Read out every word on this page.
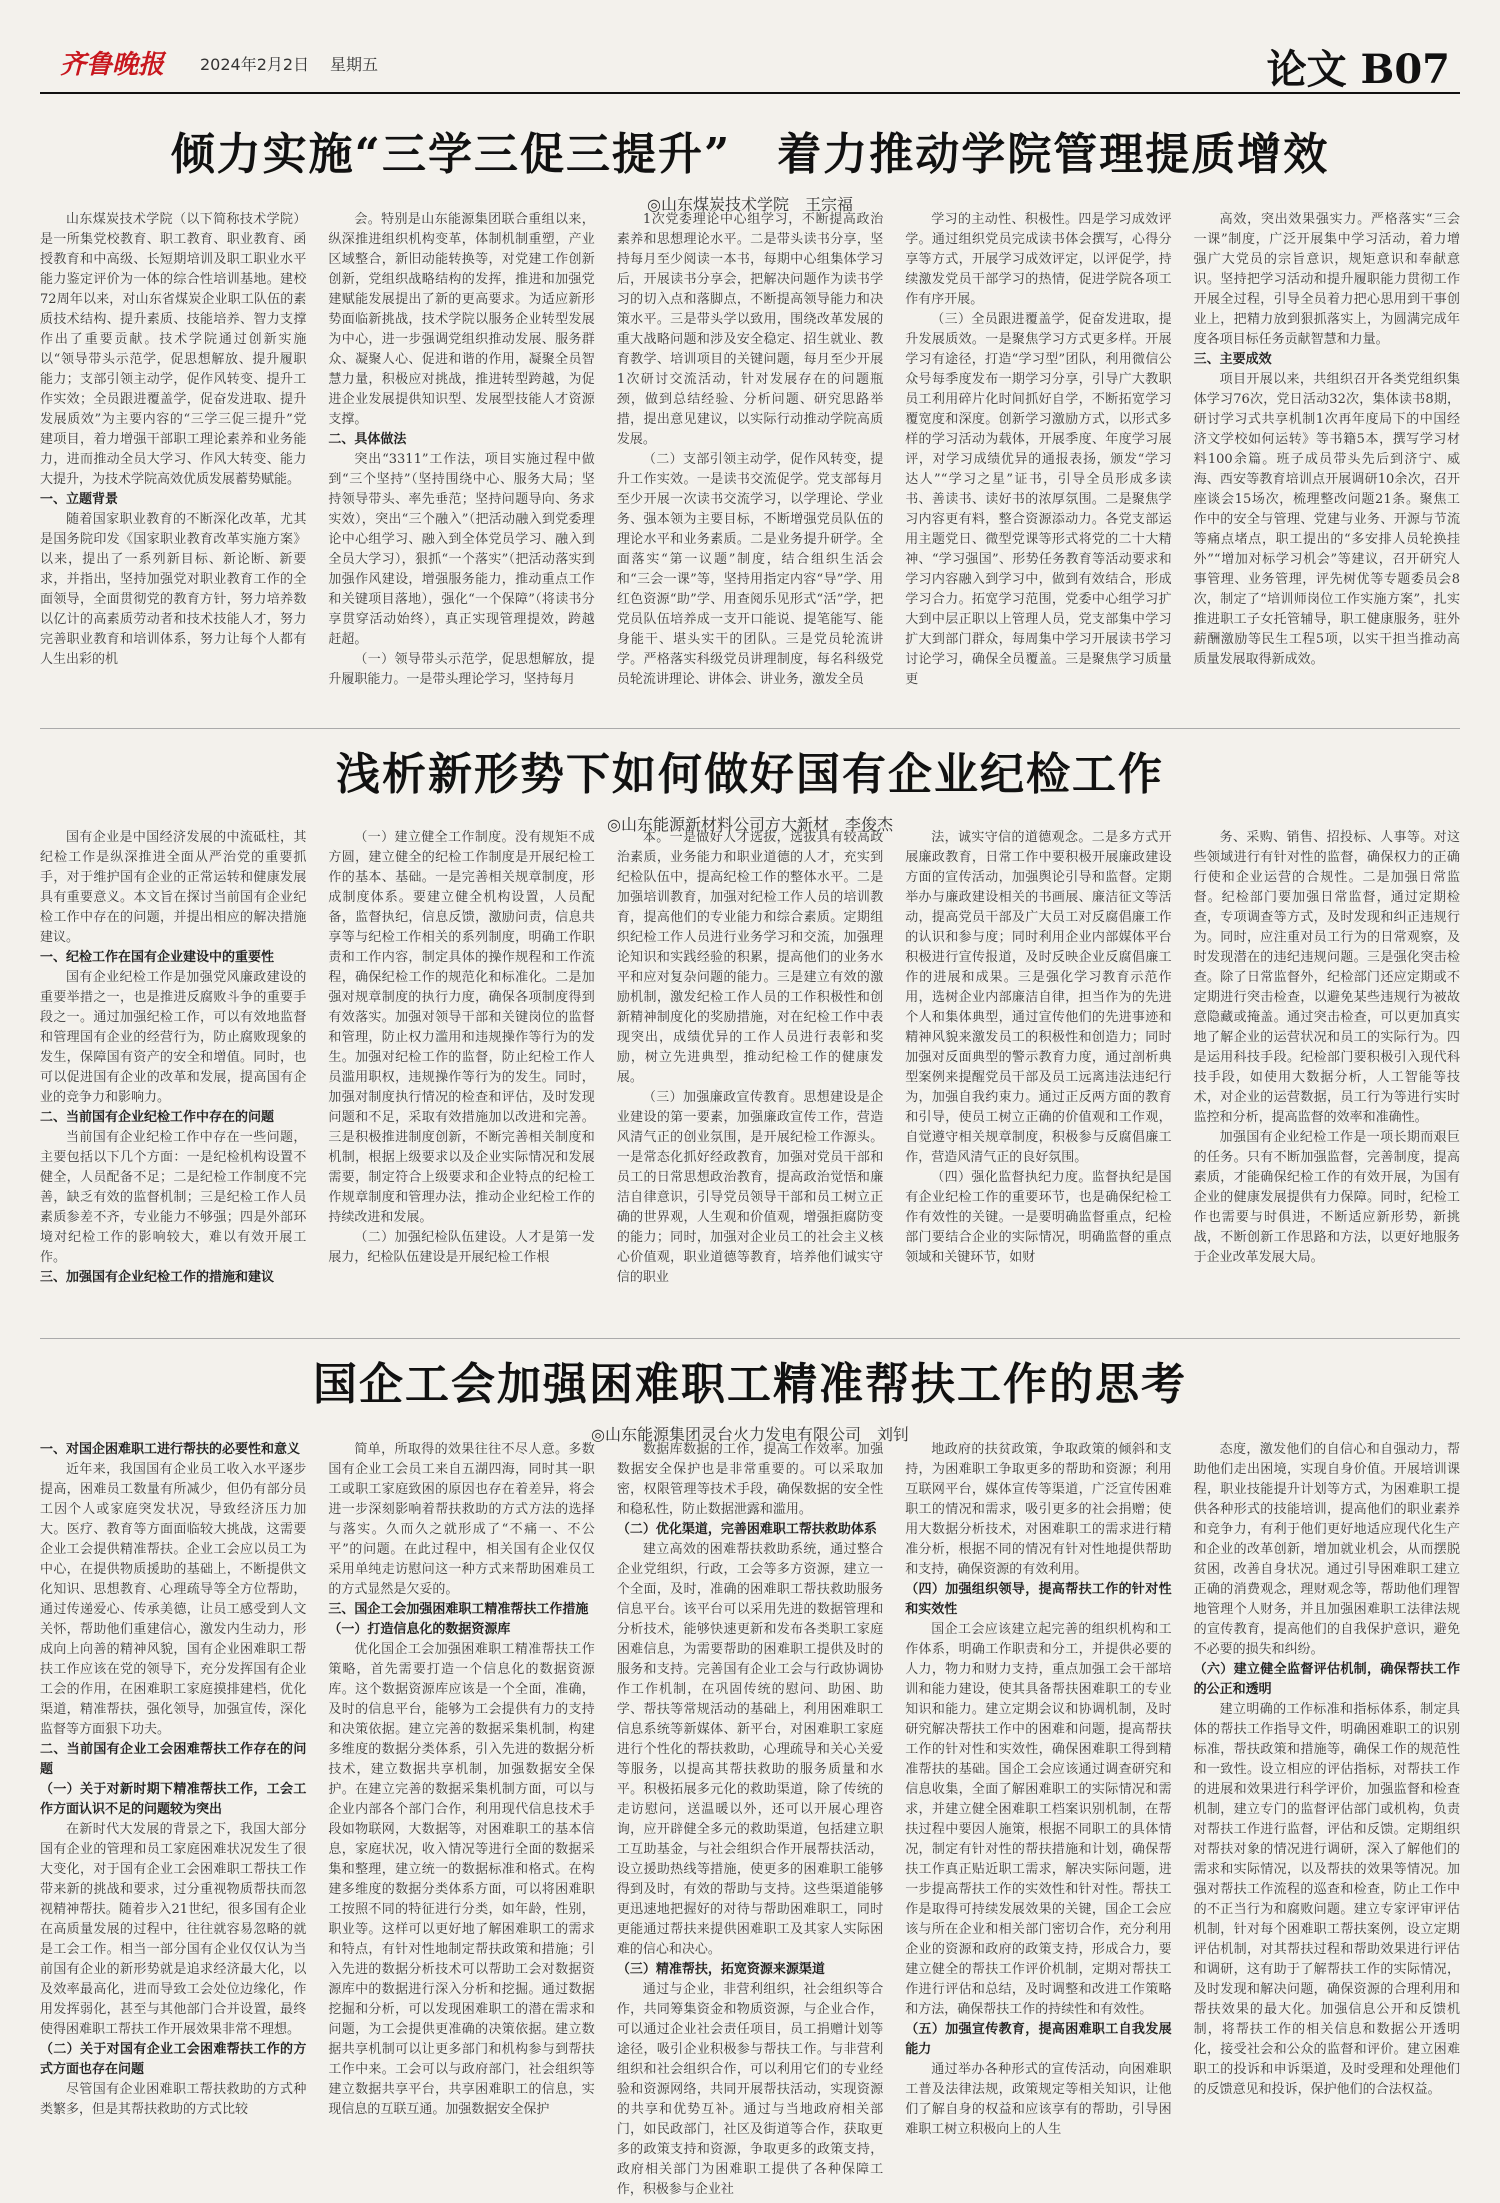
齐鲁晚报 2024年2月2日 星期五	论文 B07
倾力实施“三学三促三提升”　着力推动学院管理提质增效
◎山东煤炭技术学院　王宗福

山东煤炭技术学院（以下简称技术学院）是一所集党校教育、职工教育、职业教育、函授教育和中高级、长短期培训及职工职业水平能力鉴定评价为一体的综合性培训基地。建校72周年以来，对山东省煤炭企业职工队伍的素质技术结构、提升素质、技能培养、智力支撑作出了重要贡献。技术学院通过创新实施以“领导带头示范学，促思想解放、提升履职能力；支部引领主动学，促作风转变、提升工作实效；全员跟进覆盖学，促奋发进取、提升发展质效”为主要内容的“三学三促三提升”党建项目，着力增强干部职工理论素养和业务能力，进而推动全员大学习、作风大转变、能力大提升，为技术学院高效优质发展蓄势赋能。

一、立题背景

随着国家职业教育的不断深化改革，尤其是国务院印发《国家职业教育改革实施方案》以来，提出了一系列新目标、新论断、新要求，并指出，坚持加强党对职业教育工作的全面领导，全面贯彻党的教育方针，努力培养数以亿计的高素质劳动者和技术技能人才，努力完善职业教育和培训体系，努力让每个人都有人生出彩的机

会。特别是山东能源集团联合重组以来，纵深推进组织机构变革，体制机制重塑，产业区域整合，新旧动能转换等，对党建工作创新创新，党组织战略结构的发挥，推进和加强党建赋能发展提出了新的更高要求。为适应新形势面临新挑战，技术学院以服务企业转型发展为中心，进一步强调党组织推动发展、服务群众、凝聚人心、促进和谐的作用，凝聚全员智慧力量，积极应对挑战，推进转型跨越，为促进企业发展提供知识型、发展型技能人才资源支撑。

二、具体做法

突出“3311”工作法，项目实施过程中做到“三个坚持”（坚持围绕中心、服务大局；坚持领导带头、率先垂范；坚持问题导向、务求实效），突出“三个融入”（把活动融入到党委理论中心组学习、融入到全体党员学习、融入到全员大学习），狠抓“一个落实”（把活动落实到加强作风建设，增强服务能力，推动重点工作和关键项目落地），强化“一个保障”（将读书分享贯穿活动始终），真正实现管理提效，跨越赶超。

（一）领导带头示范学，促思想解放，提升履职能力。一是带头理论学习，坚持每月

1次党委理论中心组学习，不断提高政治素养和思想理论水平。二是带头读书分享，坚持每月至少阅读一本书，每期中心组集体学习后，开展读书分享会，把解决问题作为读书学习的切入点和落脚点，不断提高领导能力和决策水平。三是带头学以致用，围绕改革发展的重大战略问题和涉及安全稳定、招生就业、教育教学、培训项目的关键问题，每月至少开展1次研讨交流活动，针对发展存在的问题瓶颈，做到总结经验、分析问题、研究思路举措，提出意见建议，以实际行动推动学院高质发展。

（二）支部引领主动学，促作风转变，提升工作实效。一是读书交流促学。党支部每月至少开展一次读书交流学习，以学理论、学业务、强本领为主要目标，不断增强党员队伍的理论水平和业务素质。二是业务提升研学。全面落实“第一议题”制度，结合组织生活会和“三会一课”等，坚持用指定内容“导”学、用红色资源“助”学、用查阅乐见形式“活”学，把党员队伍培养成一支开口能说、提笔能写、能身能干、堪头实干的团队。三是党员轮流讲学。严格落实科级党员讲理制度，每名科级党员轮流讲理论、讲体会、讲业务，激发全员

学习的主动性、积极性。四是学习成效评学。通过组织党员完成读书体会撰写，心得分享等方式，开展学习成效评定，以评促学，持续激发党员干部学习的热情，促进学院各项工作有序开展。

（三）全员跟进覆盖学，促奋发进取，提升发展质效。一是聚焦学习方式更多样。开展学习有途径，打造“学习型”团队，利用微信公众号每季度发布一期学习分享，引导广大教职员工利用碎片化时间抓好自学，不断拓宽学习覆宽度和深度。创新学习激励方式，以形式多样的学习活动为载体，开展季度、年度学习展评，对学习成绩优异的通报表扬，颁发“学习达人”“学习之星”证书，引导全员形成多读书、善读书、读好书的浓厚氛围。二是聚焦学习内容更有料，整合资源添动力。各党支部运用主题党日、微型党课等形式将党的二十大精神、“学习强国”、形势任务教育等活动要求和学习内容融入到学习中，做到有效结合，形成学习合力。拓宽学习范围，党委中心组学习扩大到中层正职以上管理人员，党支部集中学习扩大到部门群众，每周集中学习开展读书学习讨论学习，确保全员覆盖。三是聚焦学习质量更

高效，突出效果强实力。严格落实“三会一课”制度，广泛开展集中学习活动，着力增强广大党员的宗旨意识，规矩意识和奉献意识。坚持把学习活动和提升履职能力贯彻工作开展全过程，引导全员着力把心思用到干事创业上，把精力放到狠抓落实上，为圆满完成年度各项目标任务贡献智慧和力量。

三、主要成效

项目开展以来，共组织召开各类党组织集体学习76次，党日活动32次，集体读书8期，研讨学习式共享机制1次再年度局下的中国经济文学校如何运转》等书籍5本，撰写学习材料100余篇。班子成员带头先后到济宁、威海、西安等教育培训点开展调研10余次，召开座谈会15场次，梳理整改问题21条。聚焦工作中的安全与管理、党建与业务、开源与节流等痛点堵点，职工提出的“多安排人员轮换挂外”“增加对标学习机会”等建议，召开研究人事管理、业务管理，评先树优等专题委员会8次，制定了“培训师岗位工作实施方案”，扎实推进职工子女托管辅导，职工健康服务，驻外薪酬激励等民生工程5项，以实干担当推动高质量发展取得新成效。

浅析新形势下如何做好国有企业纪检工作
◎山东能源新材料公司方大新材　李俊杰

国有企业是中国经济发展的中流砥柱，其纪检工作是纵深推进全面从严治党的重要抓手，对于维护国有企业的正常运转和健康发展具有重要意义。本文旨在探讨当前国有企业纪检工作中存在的问题，并提出相应的解决措施建议。

一、纪检工作在国有企业建设中的重要性

国有企业纪检工作是加强党风廉政建设的重要举措之一，也是推进反腐败斗争的重要手段之一。通过加强纪检工作，可以有效地监督和管理国有企业的经营行为，防止腐败现象的发生，保障国有资产的安全和增值。同时，也可以促进国有企业的改革和发展，提高国有企业的竞争力和影响力。

二、当前国有企业纪检工作中存在的问题

当前国有企业纪检工作中存在一些问题，主要包括以下几个方面：一是纪检机构设置不健全，人员配备不足；二是纪检工作制度不完善，缺乏有效的监督机制；三是纪检工作人员素质参差不齐，专业能力不够强；四是外部环境对纪检工作的影响较大，难以有效开展工作。

三、加强国有企业纪检工作的措施和建议

（一）建立健全工作制度。没有规矩不成方圆，建立健全的纪检工作制度是开展纪检工作的基本、基础。一是完善相关规章制度，形成制度体系。要建立健全机构设置，人员配备，监督执纪，信息反馈，激励问责，信息共享等与纪检工作相关的系列制度，明确工作职责和工作内容，制定具体的操作规程和工作流程，确保纪检工作的规范化和标准化。二是加强对规章制度的执行力度，确保各项制度得到有效落实。加强对领导干部和关键岗位的监督和管理，防止权力滥用和违规操作等行为的发生。加强对纪检工作的监督，防止纪检工作人员滥用职权，违规操作等行为的发生。同时，加强对制度执行情况的检查和评估，及时发现问题和不足，采取有效措施加以改进和完善。三是积极推进制度创新，不断完善相关制度和机制，根据上级要求以及企业实际情况和发展需要，制定符合上级要求和企业特点的纪检工作规章制度和管理办法，推动企业纪检工作的持续改进和发展。

（二）加强纪检队伍建设。人才是第一发展力，纪检队伍建设是开展纪检工作根

本。一是做好人才选拔，选拔具有较高政治素质，业务能力和职业道德的人才，充实到纪检队伍中，提高纪检工作的整体水平。二是加强培训教育，加强对纪检工作人员的培训教育，提高他们的专业能力和综合素质。定期组织纪检工作人员进行业务学习和交流，加强理论知识和实践经验的积累，提高他们的业务水平和应对复杂问题的能力。三是建立有效的激励机制，激发纪检工作人员的工作积极性和创新精神制度化的奖励措施，对在纪检工作中表现突出，成绩优异的工作人员进行表彰和奖励，树立先进典型，推动纪检工作的健康发展。

（三）加强廉政宣传教育。思想建设是企业建设的第一要素，加强廉政宣传工作，营造风清气正的创业氛围，是开展纪检工作源头。一是常态化抓好经政教育，加强对党员干部和员工的日常思想政治教育，提高政治觉悟和廉洁自律意识，引导党员领导干部和员工树立正确的世界观，人生观和价值观，增强拒腐防变的能力；同时，加强对企业员工的社会主义核心价值观，职业道德等教育，培养他们诚实守信的职业

法，诚实守信的道德观念。二是多方式开展廉政教育，日常工作中要积极开展廉政建设方面的宣传活动，加强舆论引导和监督。定期举办与廉政建设相关的书画展、廉洁征文等活动，提高党员干部及广大员工对反腐倡廉工作的认识和参与度；同时利用企业内部媒体平台积极进行宣传报道，及时反映企业反腐倡廉工作的进展和成果。三是强化学习教育示范作用，选树企业内部廉洁自律，担当作为的先进个人和集体典型，通过宣传他们的先进事迹和精神风貌来激发员工的积极性和创造力；同时加强对反面典型的警示教育力度，通过剖析典型案例来提醒党员干部及员工远离违法违纪行为，加强自我约束力。通过正反两方面的教育和引导，使员工树立正确的价值观和工作观，自觉遵守相关规章制度，积极参与反腐倡廉工作，营造风清气正的良好氛围。

（四）强化监督执纪力度。监督执纪是国有企业纪检工作的重要环节，也是确保纪检工作有效性的关键。一是要明确监督重点，纪检部门要结合企业的实际情况，明确监督的重点领域和关键环节，如财

务、采购、销售、招投标、人事等。对这些领域进行有针对性的监督，确保权力的正确行使和企业运营的合规性。二是加强日常监督。纪检部门要加强日常监督，通过定期检查，专项调查等方式，及时发现和纠正违规行为。同时，应注重对员工行为的日常观察，及时发现潜在的违纪违规问题。三是强化突击检查。除了日常监督外，纪检部门还应定期或不定期进行突击检查，以避免某些违规行为被故意隐藏或掩盖。通过突击检查，可以更加真实地了解企业的运营状况和员工的实际行为。四是运用科技手段。纪检部门要积极引入现代科技手段，如使用大数据分析，人工智能等技术，对企业的运营数据，员工行为等进行实时监控和分析，提高监督的效率和准确性。

加强国有企业纪检工作是一项长期而艰巨的任务。只有不断加强监督，完善制度，提高素质，才能确保纪检工作的有效开展，为国有企业的健康发展提供有力保障。同时，纪检工作也需要与时俱进，不断适应新形势，新挑战，不断创新工作思路和方法，以更好地服务于企业改革发展大局。

国企工会加强困难职工精准帮扶工作的思考
◎山东能源集团灵台火力发电有限公司　刘钊

一、对国企困难职工进行帮扶的必要性和意义

近年来，我国国有企业员工收入水平逐步提高，困难员工数量有所减少，但仍有部分员工因个人或家庭突发状况，导致经济压力加大。医疗、教育等方面面临较大挑战，这需要企业工会提供精准帮扶。企业工会应以员工为中心，在提供物质援助的基础上，不断提供文化知识、思想教育、心理疏导等全方位帮助，通过传递爱心、传承美德，让员工感受到人文关怀，帮助他们重建信心，激发内生动力，形成向上向善的精神风貌，国有企业困难职工帮扶工作应该在党的领导下，充分发挥国有企业工会的作用，在困难职工家庭摸排建档，优化渠道，精准帮扶，强化领导，加强宣传，深化监督等方面狠下功夫。

二、当前国有企业工会困难帮扶工作存在的问题

（一）关于对新时期下精准帮扶工作，工会工作方面认识不足的问题较为突出

在新时代大发展的背景之下，我国大部分国有企业的管理和员工家庭困难状况发生了很大变化，对于国有企业工会困难职工帮扶工作带来新的挑战和要求，过分重视物质帮扶而忽视精神帮扶。随着步入21世纪，很多国有企业在高质量发展的过程中，往往就容易忽略的就是工会工作。相当一部分国有企业仅仅认为当前国有企业的新形势就是追求经济最大化，以及效率最高化，进而导致工会处位边缘化，作用发挥弱化，甚至与其他部门合并设置，最终使得困难职工帮扶工作开展效果非常不理想。

（二）关于对国有企业工会困难帮扶工作的方式方面也存在问题

尽管国有企业困难职工帮扶救助的方式种类繁多，但是其帮扶救助的方式比较

简单，所取得的效果往往不尽人意。多数国有企业工会员工来自五湖四海，同时其一职工或职工家庭致困的原因也存在着差异，将会进一步深刻影响着帮扶救助的方式方法的选择与落实。久而久之就形成了“不痛一、不公平”的问题。在此过程中，相关国有企业仅仅采用单纯走访慰问这一种方式来帮助困难员工的方式显然是欠妥的。

三、国企工会加强困难职工精准帮扶工作措施

（一）打造信息化的数据资源库

优化国企工会加强困难职工精准帮扶工作策略，首先需要打造一个信息化的数据资源库。这个数据资源库应该是一个全面，准确，及时的信息平台，能够为工会提供有力的支持和决策依据。建立完善的数据采集机制，构建多维度的数据分类体系，引入先进的数据分析技术，建立数据共享机制，加强数据安全保护。在建立完善的数据采集机制方面，可以与企业内部各个部门合作，利用现代信息技术手段如物联网，大数据等，对困难职工的基本信息，家庭状况，收入情况等进行全面的数据采集和整理，建立统一的数据标准和格式。在构建多维度的数据分类体系方面，可以将困难职工按照不同的特征进行分类，如年龄，性别，职业等。这样可以更好地了解困难职工的需求和特点，有针对性地制定帮扶政策和措施；引入先进的数据分析技术可以帮助工会对数据资源库中的数据进行深入分析和挖掘。通过数据挖掘和分析，可以发现困难职工的潜在需求和问题，为工会提供更准确的决策依据。建立数据共享机制可以让更多部门和机构参与到帮扶工作中来。工会可以与政府部门，社会组织等建立数据共享平台，共享困难职工的信息，实现信息的互联互通。加强数据安全保护

数据库数据的工作，提高工作效率。加强数据安全保护也是非常重要的。可以采取加密，权限管理等技术手段，确保数据的安全性和稳私性，防止数据泄露和滥用。

（二）优化渠道，完善困难职工帮扶救助体系

建立高效的困难帮扶救助系统，通过整合企业党组织，行政，工会等多方资源，建立一个全面，及时，准确的困难职工帮扶救助服务信息平台。该平台可以采用先进的数据管理和分析技术，能够快速更新和发布各类职工家庭困难信息，为需要帮助的困难职工提供及时的服务和支持。完善国有企业工会与行政协调协作工作机制，在巩固传统的慰问、助困、助学、帮扶等常规活动的基础上，利用困难职工信息系统等新媒体、新平台，对困难职工家庭进行个性化的帮扶救助，心理疏导和关心关爱等服务，以提高其帮扶救助的服务质量和水平。积极拓展多元化的救助渠道，除了传统的走访慰问，送温暖以外，还可以开展心理咨询，应开辟健全多元的救助渠道，包括建立职工互助基金，与社会组织合作开展帮扶活动，设立援助热线等措施，使更多的困难职工能够得到及时，有效的帮助与支持。这些渠道能够更迅速地把握好的对待与帮助困难职工，同时更能通过帮扶来提供困难职工及其家人实际困难的信心和决心。

（三）精准帮扶，拓宽资源来源渠道

通过与企业，非营利组织，社会组织等合作，共同筹集资金和物质资源，与企业合作，可以通过企业社会责任项目，员工捐赠计划等途径，吸引企业积极参与帮扶工作。与非营利组织和社会组织合作，可以利用它们的专业经验和资源网络，共同开展帮扶活动，实现资源的共享和优势互补。通过与当地政府相关部门，如民政部门，社区及街道等合作，获取更多的政策支持和资源，争取更多的政策支持，政府相关部门为困难职工提供了各种保障工作，积极参与企业社

地政府的扶贫政策，争取政策的倾斜和支持，为困难职工争取更多的帮助和资源；利用互联网平台，媒体宣传等渠道，广泛宣传困难职工的情况和需求，吸引更多的社会捐赠；使用大数据分析技术，对困难职工的需求进行精准分析，根据不同的情况有针对性地提供帮助和支持，确保资源的有效利用。

（四）加强组织领导，提高帮扶工作的针对性和实效性

国企工会应该建立起完善的组织机构和工作体系，明确工作职责和分工，并提供必要的人力，物力和财力支持，重点加强工会干部培训和能力建设，使其具备帮扶困难职工的专业知识和能力。建立定期会议和协调机制，及时研究解决帮扶工作中的困难和问题，提高帮扶工作的针对性和实效性，确保困难职工得到精准帮扶的基础。国企工会应该通过调查研究和信息收集，全面了解困难职工的实际情况和需求，并建立健全困难职工档案识别机制，在帮扶过程中要因人施策，根据不同职工的具体情况，制定有针对性的帮扶措施和计划，确保帮扶工作真正贴近职工需求，解决实际问题，进一步提高帮扶工作的实效性和针对性。帮扶工作是取得可持续发展效果的关键，国企工会应该与所在企业和相关部门密切合作，充分利用企业的资源和政府的政策支持，形成合力，要建立健全的帮扶工作评价机制，定期对帮扶工作进行评估和总结，及时调整和改进工作策略和方法，确保帮扶工作的持续性和有效性。

（五）加强宣传教育，提高困难职工自我发展能力

通过举办各种形式的宣传活动，向困难职工普及法律法规，政策规定等相关知识，让他们了解自身的权益和应该享有的帮助，引导困难职工树立积极向上的人生

态度，激发他们的自信心和自强动力，帮助他们走出困境，实现自身价值。开展培训课程，职业技能提升计划等方式，为困难职工提供各种形式的技能培训，提高他们的职业素养和竞争力，有利于他们更好地适应现代化生产和企业的改革创新，增加就业机会，从而摆脱贫困，改善自身状况。通过引导困难职工建立正确的消费观念，理财观念等，帮助他们理智地管理个人财务，并且加强困难职工法律法规的宣传教育，提高他们的自我保护意识，避免不必要的损失和纠纷。

（六）建立健全监督评估机制，确保帮扶工作的公正和透明

建立明确的工作标准和指标体系，制定具体的帮扶工作指导文件，明确困难职工的识别标准，帮扶政策和措施等，确保工作的规范性和一致性。设立相应的评估指标，对帮扶工作的进展和效果进行科学评价，加强监督和检查机制，建立专门的监督评估部门或机构，负责对帮扶工作进行监督，评估和反馈。定期组织对帮扶对象的情况进行调研，深入了解他们的需求和实际情况，以及帮扶的效果等情况。加强对帮扶工作流程的巡查和检查，防止工作中的不正当行为和腐败问题。建立专家评审评估机制，针对每个困难职工帮扶案例，设立定期评估机制，对其帮扶过程和帮助效果进行评估和调研，这有助于了解帮扶工作的实际情况，及时发现和解决问题，确保资源的合理利用和帮扶效果的最大化。加强信息公开和反馈机制，将帮扶工作的相关信息和数据公开透明化，接受社会和公众的监督和评价。建立困难职工的投诉和申诉渠道，及时受理和处理他们的反馈意见和投诉，保护他们的合法权益。
